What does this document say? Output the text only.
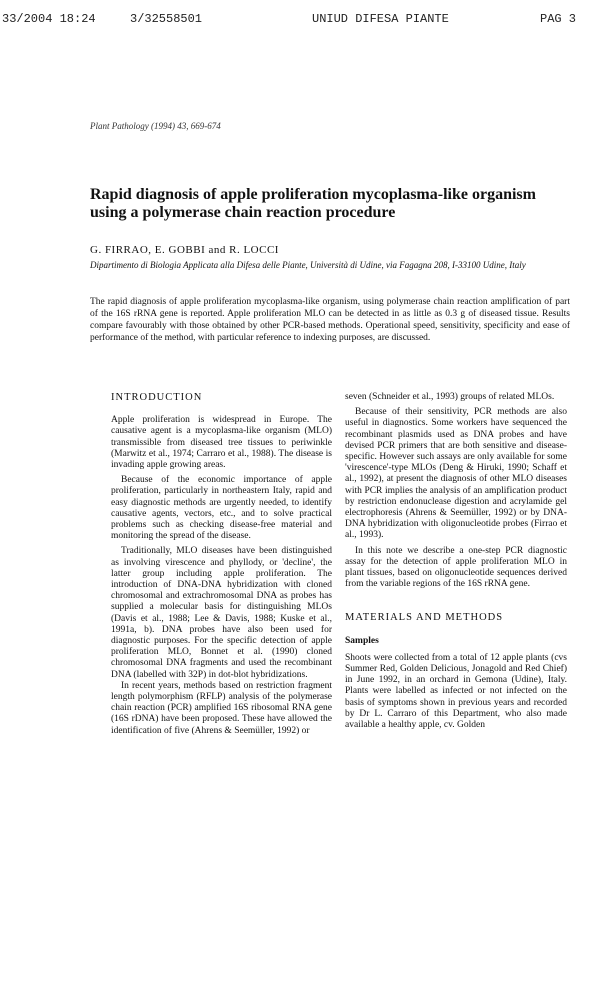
33/2004 18:24	3/32558501	UNIUD DIFESA PIANTE	PAG 3
Plant Pathology (1994) 43, 669-674
Rapid diagnosis of apple proliferation mycoplasma-like organism using a polymerase chain reaction procedure
G. FIRRAO, E. GOBBI and R. LOCCI
Dipartimento di Biologia Applicata alla Difesa delle Piante, Università di Udine, via Fagagna 208, I-33100 Udine, Italy

The rapid diagnosis of apple proliferation mycoplasma-like organism, using polymerase chain reaction amplification of part of the 16S rRNA gene is reported. Apple proliferation MLO can be detected in as little as 0.3 g of diseased tissue. Results compare favourably with those obtained by other PCR-based methods. Operational speed, sensitivity, specificity and ease of performance of the method, with particular reference to indexing purposes, are discussed.

INTRODUCTION

Apple proliferation is widespread in Europe. The causative agent is a mycoplasma-like organism (MLO) transmissible from diseased tree tissues to periwinkle (Marwitz et al., 1974; Carraro et al., 1988). The disease is invading apple growing areas.

Because of the economic importance of apple proliferation, particularly in northeastern Italy, rapid and easy diagnostic methods are urgently needed, to identify causative agents, vectors, etc., and to solve practical problems such as checking disease-free material and monitoring the spread of the disease.

Traditionally, MLO diseases have been distinguished as involving virescence and phyllody, or 'decline', the latter group including apple proliferation. The introduction of DNA-DNA hybridization with cloned chromosomal and extrachromosomal DNA as probes has supplied a molecular basis for distinguishing MLOs (Davis et al., 1988; Lee & Davis, 1988; Kuske et al., 1991a, b). DNA probes have also been used for diagnostic purposes. For the specific detection of apple proliferation MLO, Bonnet et al. (1990) cloned chromosomal DNA fragments and used the recombinant DNA (labelled with 32P) in dot-blot hybridizations.

In recent years, methods based on restriction fragment length polymorphism (RFLP) analysis of the polymerase chain reaction (PCR) amplified 16S ribosomal RNA gene (16S rDNA) have been proposed. These have allowed the identification of five (Ahrens & Seemüller, 1992) or

seven (Schneider et al., 1993) groups of related MLOs.

Because of their sensitivity, PCR methods are also useful in diagnostics. Some workers have sequenced the recombinant plasmids used as DNA probes and have devised PCR primers that are both sensitive and disease-specific. However such assays are only available for some 'virescence'-type MLOs (Deng & Hiruki, 1990; Schaff et al., 1992), at present the diagnosis of other MLO diseases with PCR implies the analysis of an amplification product by restriction endonuclease digestion and acrylamide gel electrophoresis (Ahrens & Seemüller, 1992) or by DNA-DNA hybridization with oligonucleotide probes (Firrao et al., 1993).

In this note we describe a one-step PCR diagnostic assay for the detection of apple proliferation MLO in plant tissues, based on oligonucleotide sequences derived from the variable regions of the 16S rRNA gene.

MATERIALS AND METHODS
Samples

Shoots were collected from a total of 12 apple plants (cvs Summer Red, Golden Delicious, Jonagold and Red Chief) in June 1992, in an orchard in Gemona (Udine), Italy. Plants were labelled as infected or not infected on the basis of symptoms shown in previous years and recorded by Dr L. Carraro of this Department, who also made available a healthy apple, cv. Golden
